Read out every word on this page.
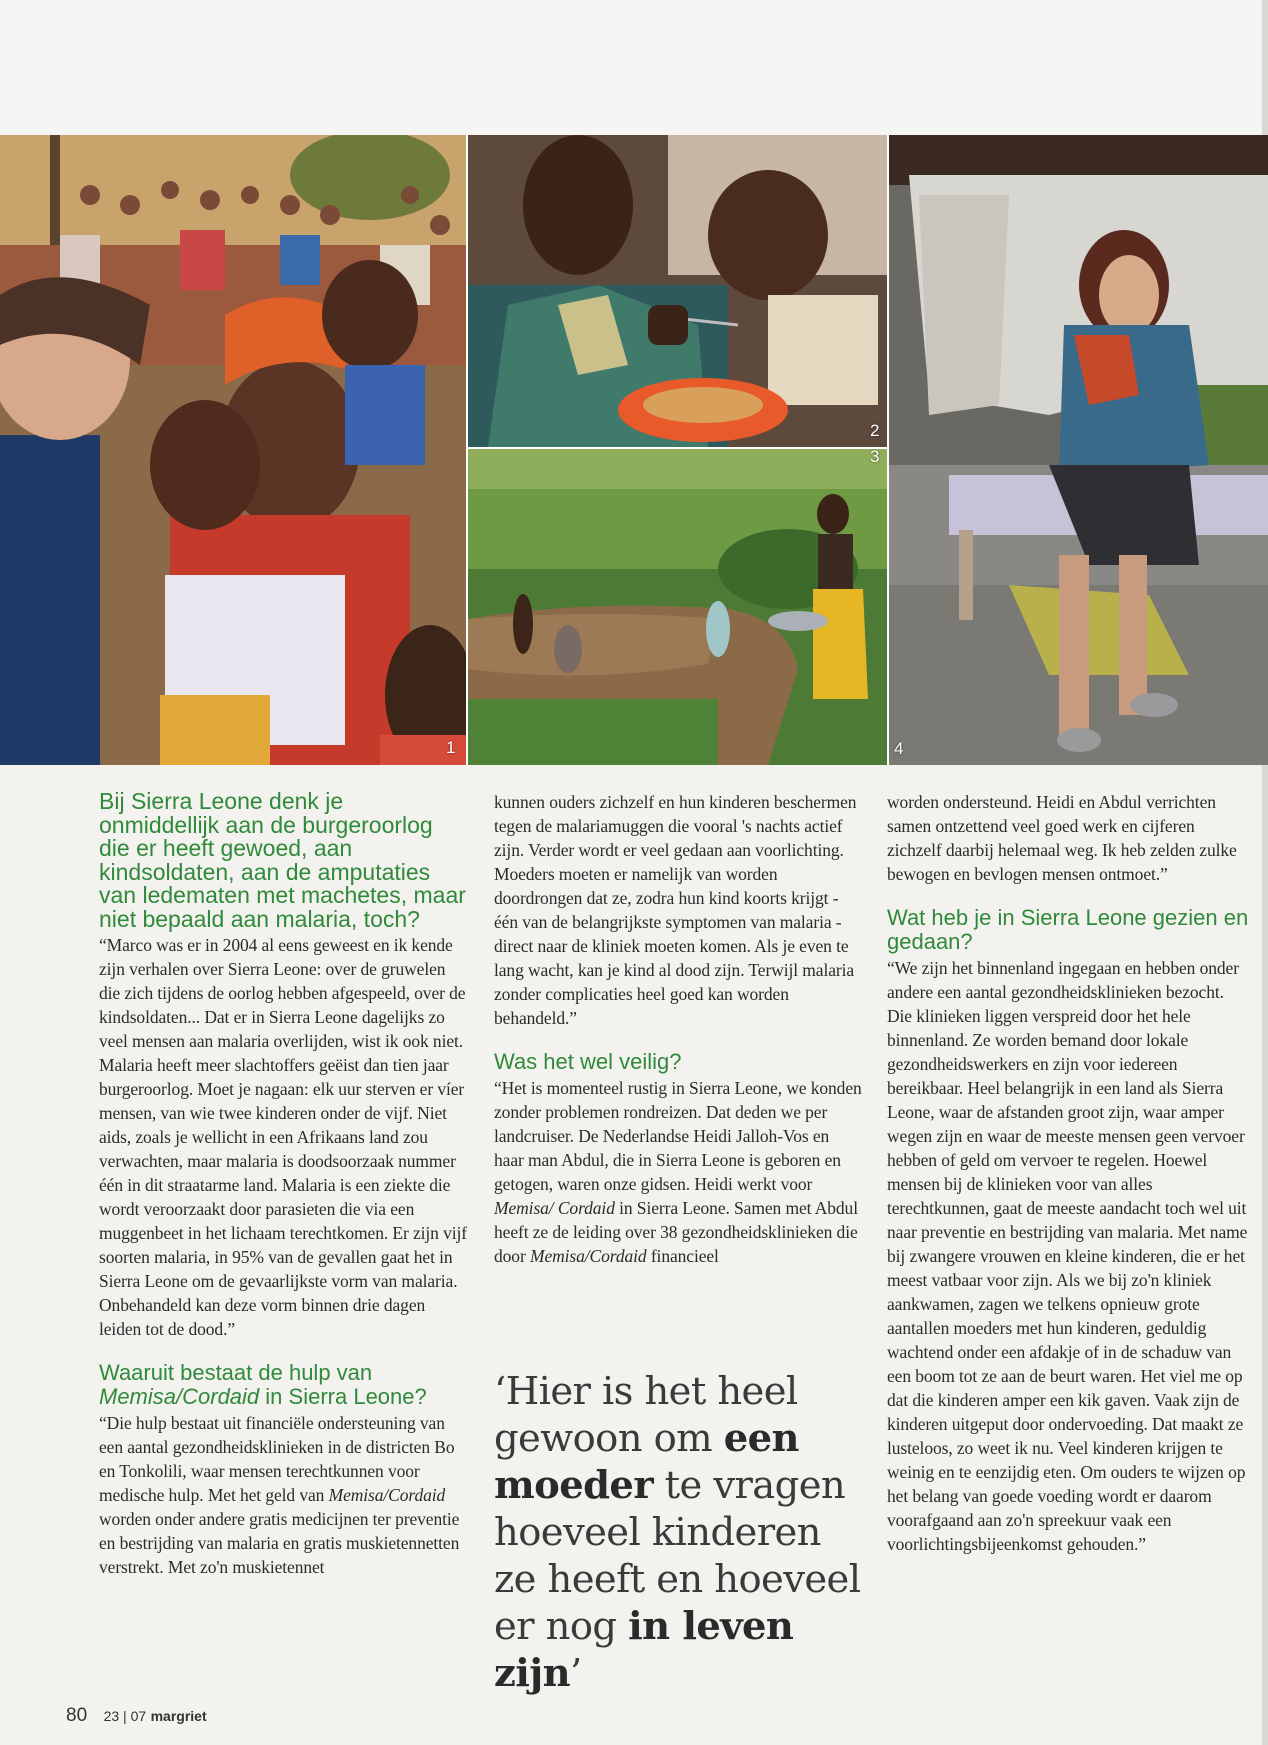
1
2
3
4
Bij Sierra Leone denk je onmiddellijk aan de burgeroorlog die er heeft gewoed, aan kindsoldaten, aan de amputaties van ledematen met machetes, maar niet bepaald aan malaria, toch?

“Marco was er in 2004 al eens geweest en ik kende zijn verhalen over Sierra Leone: over de gruwelen die zich tijdens de oorlog hebben afgespeeld, over de kindsoldaten... Dat er in Sierra Leone dagelijks zo veel mensen aan malaria overlijden, wist ik ook niet. Malaria heeft meer slachtoffers geëist dan tien jaar burgeroorlog. Moet je nagaan: elk uur sterven er víer mensen, van wie twee kinderen onder de vijf. Niet aids, zoals je wellicht in een Afrikaans land zou verwachten, maar malaria is doodsoorzaak nummer één in dit straatarme land. Malaria is een ziekte die wordt veroorzaakt door parasieten die via een muggenbeet in het lichaam terechtkomen. Er zijn vijf soorten malaria, in 95% van de gevallen gaat het in Sierra Leone om de gevaarlijkste vorm van malaria. Onbehandeld kan deze vorm binnen drie dagen leiden tot de dood.”

Waaruit bestaat de hulp van
Memisa/Cordaid in Sierra Leone?

“Die hulp bestaat uit financiële ondersteuning van een aantal gezondheidsklinieken in de districten Bo en Tonkolili, waar mensen terechtkunnen voor medische hulp. Met het geld van Memisa/Cordaid worden onder andere gratis medicijnen ter preventie en bestrijding van malaria en gratis muskietennetten verstrekt. Met zo'n muskietennet

kunnen ouders zichzelf en hun kinderen beschermen tegen de malariamuggen die vooral 's nachts actief zijn. Verder wordt er veel gedaan aan voorlichting. Moeders moeten er namelijk van worden doordrongen dat ze, zodra hun kind koorts krijgt - één van de belangrijkste symptomen van malaria - direct naar de kliniek moeten komen. Als je even te lang wacht, kan je kind al dood zijn. Terwijl malaria zonder complicaties heel goed kan worden behandeld.”

Was het wel veilig?

“Het is momenteel rustig in Sierra Leone, we konden zonder problemen rondreizen. Dat deden we per landcruiser. De Nederlandse Heidi Jalloh-Vos en haar man Abdul, die in Sierra Leone is geboren en getogen, waren onze gidsen. Heidi werkt voor Memisa/ Cordaid in Sierra Leone. Samen met Abdul heeft ze de leiding over 38 gezondheidsklinieken die door Memisa/Cordaid financieel

‘Hier is het heel gewoon om een moeder te vragen hoeveel kinderen ze heeft en hoeveel er nog in leven zijn’

worden ondersteund. Heidi en Abdul verrichten samen ontzettend veel goed werk en cijferen zichzelf daarbij helemaal weg. Ik heb zelden zulke bewogen en bevlogen mensen ontmoet.”

Wat heb je in Sierra Leone gezien en gedaan?

“We zijn het binnenland ingegaan en hebben onder andere een aantal gezondheidsklinieken bezocht. Die klinieken liggen verspreid door het hele binnenland. Ze worden bemand door lokale gezondheidswerkers en zijn voor iedereen bereikbaar. Heel belangrijk in een land als Sierra Leone, waar de afstanden groot zijn, waar amper wegen zijn en waar de meeste mensen geen vervoer hebben of geld om vervoer te regelen. Hoewel mensen bij de klinieken voor van alles terechtkunnen, gaat de meeste aandacht toch wel uit naar preventie en bestrijding van malaria. Met name bij zwangere vrouwen en kleine kinderen, die er het meest vatbaar voor zijn. Als we bij zo'n kliniek aankwamen, zagen we telkens opnieuw grote aantallen moeders met hun kinderen, geduldig wachtend onder een afdakje of in de schaduw van een boom tot ze aan de beurt waren. Het viel me op dat die kinderen amper een kik gaven. Vaak zijn de kinderen uitgeput door ondervoeding. Dat maakt ze lusteloos, zo weet ik nu. Veel kinderen krijgen te weinig en te eenzijdig eten. Om ouders te wijzen op het belang van goede voeding wordt er daarom voorafgaand aan zo'n spreekuur vaak een voorlichtingsbijeenkomst gehouden.”

80 23 | 07 margriet
